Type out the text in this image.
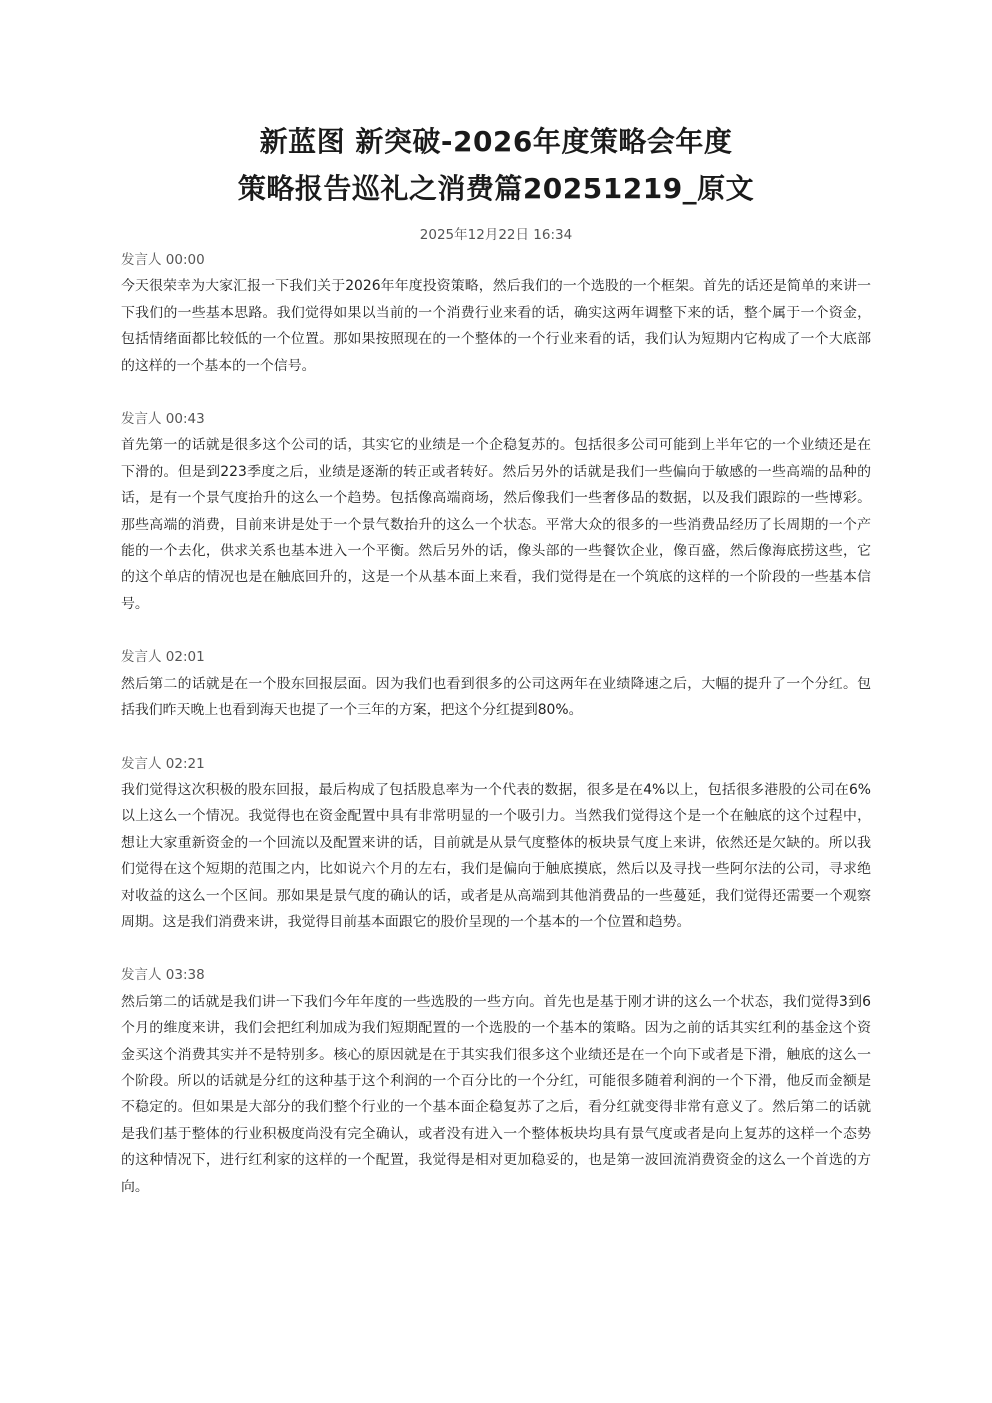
新蓝图 新突破-2026年度策略会年度
策略报告巡礼之消费篇20251219_原文
2025年12月22日 16:34
发言人 00:00

今天很荣幸为大家汇报一下我们关于2026年年度投资策略，然后我们的一个选股的一个框架。首先的话还是简单的来讲一下我们的一些基本思路。我们觉得如果以当前的一个消费行业来看的话，确实这两年调整下来的话，整个属于一个资金，包括情绪面都比较低的一个位置。那如果按照现在的一个整体的一个行业来看的话，我们认为短期内它构成了一个大底部的这样的一个基本的一个信号。

发言人 00:43

首先第一的话就是很多这个公司的话，其实它的业绩是一个企稳复苏的。包括很多公司可能到上半年它的一个业绩还是在下滑的。但是到223季度之后，业绩是逐渐的转正或者转好。然后另外的话就是我们一些偏向于敏感的一些高端的品种的话，是有一个景气度抬升的这么一个趋势。包括像高端商场，然后像我们一些奢侈品的数据，以及我们跟踪的一些博彩。那些高端的消费，目前来讲是处于一个景气数抬升的这么一个状态。平常大众的很多的一些消费品经历了长周期的一个产能的一个去化，供求关系也基本进入一个平衡。然后另外的话，像头部的一些餐饮企业，像百盛，然后像海底捞这些，它的这个单店的情况也是在触底回升的，这是一个从基本面上来看，我们觉得是在一个筑底的这样的一个阶段的一些基本信号。

发言人 02:01

然后第二的话就是在一个股东回报层面。因为我们也看到很多的公司这两年在业绩降速之后，大幅的提升了一个分红。包括我们昨天晚上也看到海天也提了一个三年的方案，把这个分红提到80%。

发言人 02:21

我们觉得这次积极的股东回报，最后构成了包括股息率为一个代表的数据，很多是在4%以上，包括很多港股的公司在6%以上这么一个情况。我觉得也在资金配置中具有非常明显的一个吸引力。当然我们觉得这个是一个在触底的这个过程中，想让大家重新资金的一个回流以及配置来讲的话，目前就是从景气度整体的板块景气度上来讲，依然还是欠缺的。所以我们觉得在这个短期的范围之内，比如说六个月的左右，我们是偏向于触底摸底，然后以及寻找一些阿尔法的公司，寻求绝对收益的这么一个区间。那如果是景气度的确认的话，或者是从高端到其他消费品的一些蔓延，我们觉得还需要一个观察周期。这是我们消费来讲，我觉得目前基本面跟它的股价呈现的一个基本的一个位置和趋势。

发言人 03:38

然后第二的话就是我们讲一下我们今年年度的一些选股的一些方向。首先也是基于刚才讲的这么一个状态，我们觉得3到6个月的维度来讲，我们会把红利加成为我们短期配置的一个选股的一个基本的策略。因为之前的话其实红利的基金这个资金买这个消费其实并不是特别多。核心的原因就是在于其实我们很多这个业绩还是在一个向下或者是下滑，触底的这么一个阶段。所以的话就是分红的这种基于这个利润的一个百分比的一个分红，可能很多随着利润的一个下滑，他反而金额是不稳定的。但如果是大部分的我们整个行业的一个基本面企稳复苏了之后，看分红就变得非常有意义了。然后第二的话就是我们基于整体的行业积极度尚没有完全确认，或者没有进入一个整体板块均具有景气度或者是向上复苏的这样一个态势的这种情况下，进行红利家的这样的一个配置，我觉得是相对更加稳妥的，也是第一波回流消费资金的这么一个首选的方向。
